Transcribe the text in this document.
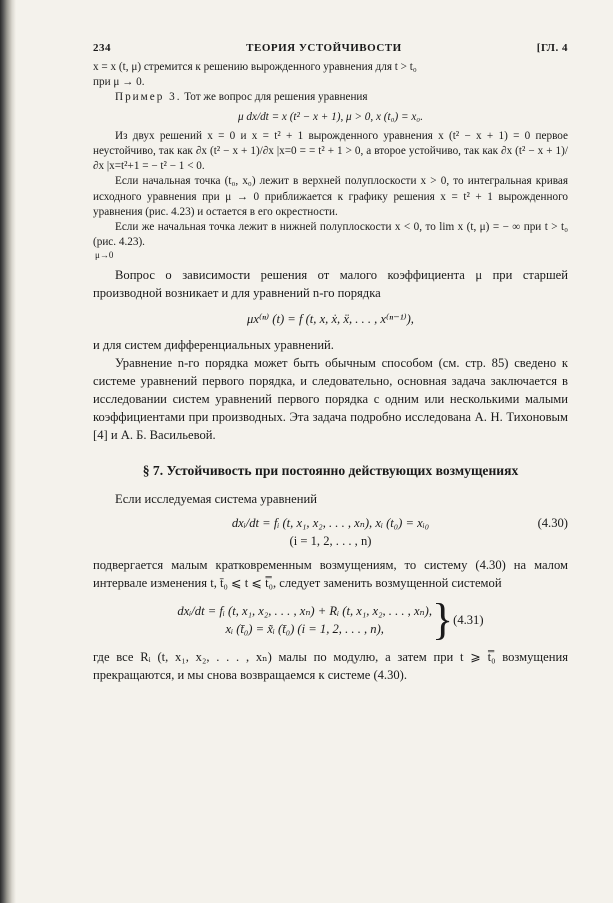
234	ТЕОРИЯ УСТОЙЧИВОСТИ	[ГЛ. 4

x = x (t, μ) стремится к решению вырожденного уравнения для t > t₀

при μ → 0.

Пример 3. Тот же вопрос для решения уравнения

μ dx/dt = x (t² − x + 1), μ > 0, x (t₀) = x₀.

Из двух решений x = 0 и x = t² + 1 вырожденного уравнения x (t² − x + 1) = 0 первое неустойчиво, так как ∂x (t² − x + 1)/∂x |x=0 = = t² + 1 > 0, а второе устойчиво, так как ∂x (t² − x + 1)/∂x |x=t²+1 = − t² − 1 < 0.

Если начальная точка (t₀, x₀) лежит в верхней полуплоскости x > 0, то интегральная кривая исходного уравнения при μ → 0 приближается к графику решения x = t² + 1 вырожденного уравнения (рис. 4.23) и остается в его окрестности.

Если же начальная точка лежит в нижней полуплоскости x < 0, то lim x (t, μ) = − ∞ при t > t₀ (рис. 4.23).

μ→0

Вопрос о зависимости решения от малого коэффициента μ при старшей производной возникает и для уравнений n-го порядка

μx⁽ⁿ⁾ (t) = f (t, x, ẋ, ẍ, . . . , x⁽ⁿ⁻¹⁾),

и для систем дифференциальных уравнений.

Уравнение n-го порядка может быть обычным способом (см. стр. 85) сведено к системе уравнений первого порядка, и следовательно, основная задача заключается в исследовании систем уравнений первого порядка с одним или несколькими малыми коэффициентами при производных. Эта задача подробно исследована А. Н. Тихоновым [4] и А. Б. Васильевой.

§ 7. Устойчивость при постоянно действующих возмущениях

Если исследуемая система уравнений

dxᵢ/dt = fᵢ (t, x₁, x₂, . . . , xₙ), xᵢ (t₀) = xᵢ₀
(i = 1, 2, . . . , n)
(4.30)

подвергается малым кратковременным возмущениям, то систему (4.30) на малом интервале изменения t, t̄₀ ⩽ t ⩽ t̿₀, следует заменить возмущенной системой

dxᵢ/dt = fᵢ (t, x₁, x₂, . . . , xₙ) + Rᵢ (t, x₁, x₂, . . . , xₙ),
xᵢ (t̄₀) = x̃ᵢ (t̄₀) (i = 1, 2, . . . , n), } (4.31)

где все Rᵢ (t, x₁, x₂, . . . , xₙ) малы по модулю, а затем при t ⩾ t̿₀ возмущения прекращаются, и мы снова возвращаемся к системе (4.30).
